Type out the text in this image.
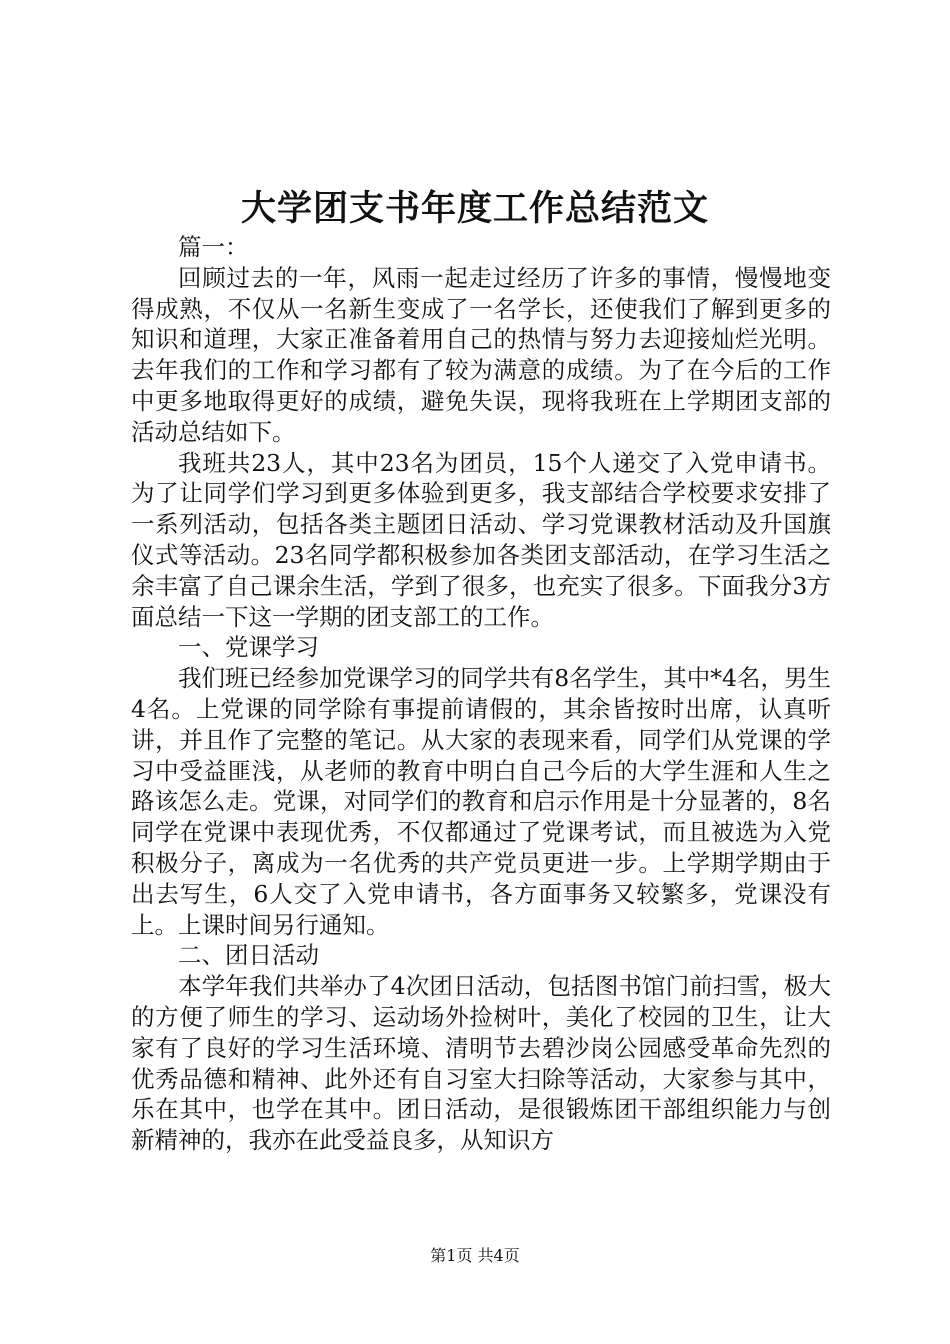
大学团支书年度工作总结范文

篇一：

回顾过去的一年，风雨一起走过经历了许多的事情，慢慢地变得成熟，不仅从一名新生变成了一名学长，还使我们了解到更多的知识和道理，大家正准备着用自己的热情与努力去迎接灿烂光明。去年我们的工作和学习都有了较为满意的成绩。为了在今后的工作中更多地取得更好的成绩，避免失误，现将我班在上学期团支部的活动总结如下。

我班共23人，其中23名为团员，15个人递交了入党申请书。为了让同学们学习到更多体验到更多，我支部结合学校要求安排了一系列活动，包括各类主题团日活动、学习党课教材活动及升国旗仪式等活动。23名同学都积极参加各类团支部活动，在学习生活之余丰富了自己课余生活，学到了很多，也充实了很多。下面我分3方面总结一下这一学期的团支部工的工作。

一、党课学习

我们班已经参加党课学习的同学共有8名学生，其中*4名，男生4名。上党课的同学除有事提前请假的，其余皆按时出席，认真听讲，并且作了完整的笔记。从大家的表现来看，同学们从党课的学习中受益匪浅，从老师的教育中明白自己今后的大学生涯和人生之路该怎么走。党课，对同学们的教育和启示作用是十分显著的，8名同学在党课中表现优秀，不仅都通过了党课考试，而且被选为入党积极分子，离成为一名优秀的共产党员更进一步。上学期学期由于出去写生，6人交了入党申请书，各方面事务又较繁多，党课没有上。上课时间另行通知。

二、团日活动

本学年我们共举办了4次团日活动，包括图书馆门前扫雪，极大的方便了师生的学习、运动场外捡树叶，美化了校园的卫生，让大家有了良好的学习生活环境、清明节去碧沙岗公园感受革命先烈的优秀品德和精神、此外还有自习室大扫除等活动，大家参与其中，乐在其中，也学在其中。团日活动，是很锻炼团干部组织能力与创新精神的，我亦在此受益良多，从知识方

第1页 共4页
